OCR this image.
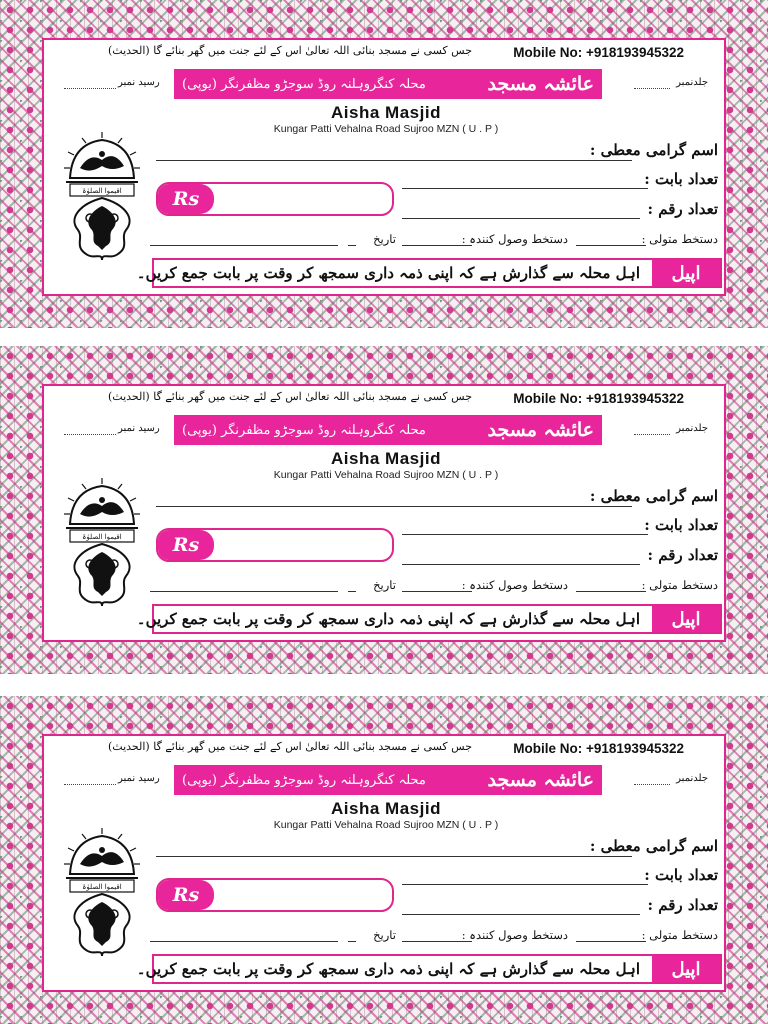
جس کسی نے مسجد بنائی اللہ تعالیٰ اس کے لئے جنت میں گھر بنائے گا (الحدیث)	Mobile No: +918193945322
جلدنمبر
رسید نمبر	عائشہ مسجد
محلہ کنگروہلنہ روڈ سوجڑو مظفرنگر (یوپی)
Aisha Masjid
Kungar Patti Vehalna Road Sujroo MZN ( U . P )
اقیموا الصلوٰۃ
اسم گرامی معطی :
تعداد بابت :
Rs	تعداد رقم :
دستخط متولی :
دستخط وصول کنندہ :
تاریخ
اپیل
اہل محلہ سے گذارش ہے کہ اپنی ذمہ داری سمجھ کر وقت پر بابت جمع کریں۔
جس کسی نے مسجد بنائی اللہ تعالیٰ اس کے لئے جنت میں گھر بنائے گا (الحدیث)	Mobile No: +918193945322
جلدنمبر
رسید نمبر	عائشہ مسجد
محلہ کنگروہلنہ روڈ سوجڑو مظفرنگر (یوپی)
Aisha Masjid
Kungar Patti Vehalna Road Sujroo MZN ( U . P )
اقیموا الصلوٰۃ
اسم گرامی معطی :
تعداد بابت :
Rs	تعداد رقم :
دستخط متولی :
دستخط وصول کنندہ :
تاریخ
اپیل
اہل محلہ سے گذارش ہے کہ اپنی ذمہ داری سمجھ کر وقت پر بابت جمع کریں۔
جس کسی نے مسجد بنائی اللہ تعالیٰ اس کے لئے جنت میں گھر بنائے گا (الحدیث)	Mobile No: +918193945322
جلدنمبر
رسید نمبر	عائشہ مسجد
محلہ کنگروہلنہ روڈ سوجڑو مظفرنگر (یوپی)
Aisha Masjid
Kungar Patti Vehalna Road Sujroo MZN ( U . P )
اقیموا الصلوٰۃ
اسم گرامی معطی :
تعداد بابت :
Rs	تعداد رقم :
دستخط متولی :
دستخط وصول کنندہ :
تاریخ
اپیل
اہل محلہ سے گذارش ہے کہ اپنی ذمہ داری سمجھ کر وقت پر بابت جمع کریں۔
